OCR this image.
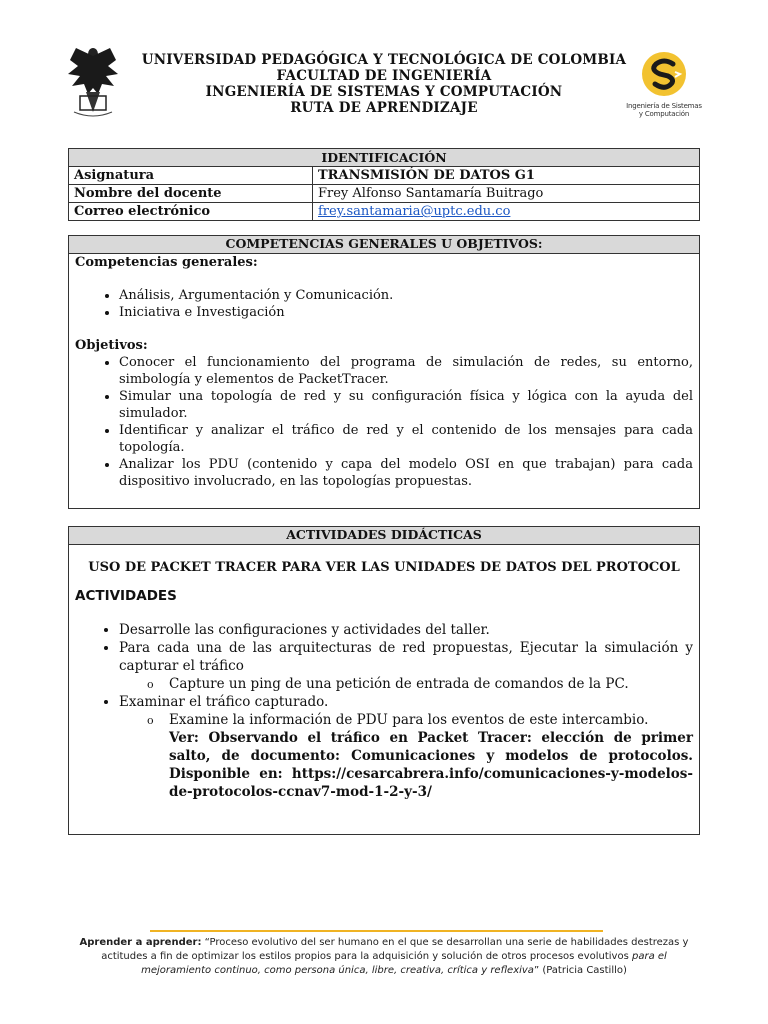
UNIVERSIDAD PEDAGÓGICA Y TECNOLÓGICA DE COLOMBIA
FACULTAD DE INGENIERÍA
INGENIERÍA DE SISTEMAS Y COMPUTACIÓN
RUTA DE APRENDIZAJE	Ingeniería de Sistemas
y Computación
IDENTIFICACIÓN	
Asignatura	TRANSMISIÓN DE DATOS G1
Nombre del docente	Frey Alfonso Santamaría Buitrago
Correo electrónico	frey.santamaria@uptc.edu.co
COMPETENCIAS GENERALES U OBJETIVOS:
Competencias generales:
• Análisis, Argumentación y Comunicación.
• Iniciativa e Investigación
Objetivos:
• Conocer el funcionamiento del programa de simulación de redes, su entorno, simbología y elementos de PacketTracer.
• Simular una topología de red y su configuración física y lógica con la ayuda del simulador.
• Identificar y analizar el tráfico de red y el contenido de los mensajes para cada topología.
• Analizar los PDU (contenido y capa del modelo OSI en que trabajan) para cada dispositivo involucrado, en las topologías propuestas.
ACTIVIDADES DIDÁCTICAS
USO DE PACKET TRACER PARA VER LAS UNIDADES DE DATOS DEL PROTOCOL
ACTIVIDADES
• Desarrolle las configuraciones y actividades del taller.
• Para cada una de las arquitecturas de red propuestas, Ejecutar la simulación y capturar el tráfico
o Capture un ping de una petición de entrada de comandos de la PC.
• Examinar el tráfico capturado.
o Examine la información de PDU para los eventos de este intercambio.
Ver: Observando el tráfico en Packet Tracer: elección de primer salto, de documento: Comunicaciones y modelos de protocolos. Disponible en: https://cesarcabrera.info/comunicaciones-y-modelos-de-protocolos-ccnav7-mod-1-2-y-3/
Aprender a aprender: “Proceso evolutivo del ser humano en el que se desarrollan una serie de habilidades destrezas y actitudes a fin de optimizar los estilos propios para la adquisición y solución de otros procesos evolutivos para el mejoramiento continuo, como persona única, libre, creativa, crítica y reflexiva” (Patricia Castillo)
